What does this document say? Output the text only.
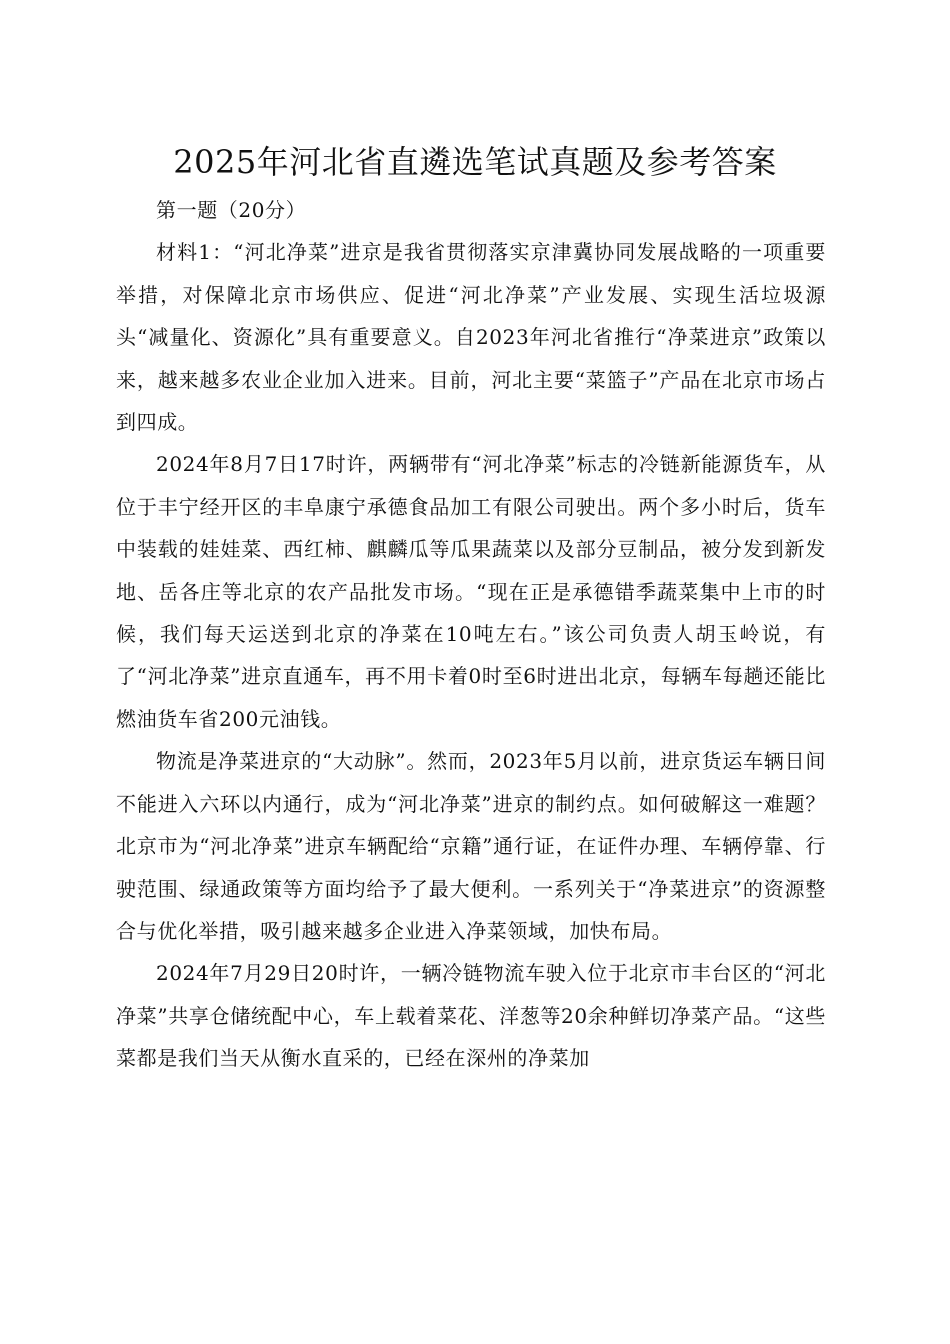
2025年河北省直遴选笔试真题及参考答案

第一题（20分）

材料1：“河北净菜”进京是我省贯彻落实京津冀协同发展战略的一项重要举措，对保障北京市场供应、促进“河北净菜”产业发展、实现生活垃圾源头“减量化、资源化”具有重要意义。自2023年河北省推行“净菜进京”政策以来，越来越多农业企业加入进来。目前，河北主要“菜篮子”产品在北京市场占到四成。

2024年8月7日17时许，两辆带有“河北净菜”标志的冷链新能源货车，从位于丰宁经开区的丰阜康宁承德食品加工有限公司驶出。两个多小时后，货车中装载的娃娃菜、西红柿、麒麟瓜等瓜果蔬菜以及部分豆制品，被分发到新发地、岳各庄等北京的农产品批发市场。“现在正是承德错季蔬菜集中上市的时候，我们每天运送到北京的净菜在10吨左右。”该公司负责人胡玉岭说，有了“河北净菜”进京直通车，再不用卡着0时至6时进出北京，每辆车每趟还能比燃油货车省200元油钱。

物流是净菜进京的“大动脉”。然而，2023年5月以前，进京货运车辆日间不能进入六环以内通行，成为“河北净菜”进京的制约点。如何破解这一难题？北京市为“河北净菜”进京车辆配给“京籍”通行证，在证件办理、车辆停靠、行驶范围、绿通政策等方面均给予了最大便利。一系列关于“净菜进京”的资源整合与优化举措，吸引越来越多企业进入净菜领域，加快布局。

2024年7月29日20时许，一辆冷链物流车驶入位于北京市丰台区的“河北净菜”共享仓储统配中心，车上载着菜花、洋葱等20余种鲜切净菜产品。“这些菜都是我们当天从衡水直采的，已经在深州的净菜加
